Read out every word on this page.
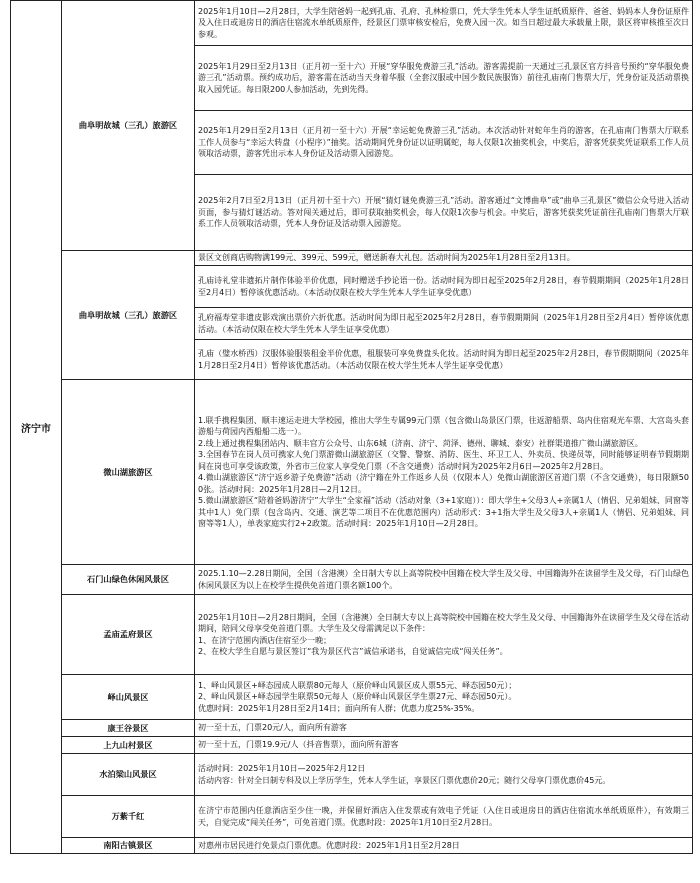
济宁市	曲阜明故城（三孔）旅游区	2025年1月10日—2月28日，大学生陪爸妈一起到孔庙、孔府、孔林检票口，凭大学生凭本人学生证纸质原件、爸爸、妈妈本人身份证原件及入住日或退房日的酒店住宿流水单纸质原件，经景区门票审核安检后，免费入园一次。如当日超过最大承载量上限，景区将审核推至次日参观。

		2025年1月29日至2月13日（正月初一至十六）开展“穿华服免费游三孔”活动。游客需提前一天通过三孔景区官方抖音号预约“穿华服免费游三孔”活动票。预约成功后，游客需在活动当天身着华服（全套汉服或中国少数民族服饰）前往孔庙南门售票大厅，凭身份证及活动票换取入园凭证。每日限200人参加活动，先到先得。

		2025年1月29日至2月13日（正月初一至十六）开展“幸运蛇免费游三孔”活动。本次活动针对蛇年生肖的游客，在孔庙南门售票大厅联系工作人员参与“幸运大转盘（小程序）”抽奖。活动期间凭身份证以证明属蛇，每人仅限1次抽奖机会，中奖后，游客凭获奖凭证联系工作人员领取活动票，游客凭出示本人身份证及活动票入园游览。

		2025年2月7日至2月13日（正月初十至十六）开展“猜灯谜免费游三孔”活动。游客通过“文博曲阜”或“曲阜三孔景区”微信公众号进入活动页面，参与猜灯谜活动。答对闯关通过后，即可获取抽奖机会，每人仅限1次参与机会。中奖后，游客凭获奖凭证前往孔庙南门售票大厅联系工作人员领取活动票，凭本人身份证及活动票入园游览。

	曲阜明故城（三孔）旅游区	景区文创商店购物满199元、399元、599元，赠送新春大礼包。活动时间为2025年1月28日至2月13日。

		孔庙诗礼堂非遗拓片制作体验半价优惠，同时赠送手抄论语一份。活动时间为即日起至2025年2月28日，春节假期期间（2025年1月28日至2月4日）暂停该优惠活动。（本活动仅限在校大学生凭本人学生证享受优惠）

		孔府福寿堂非遗皮影戏演出票价六折优惠。活动时间为即日起至2025年2月28日，春节假期期间（2025年1月28日至2月4日）暂停该优惠活动。（本活动仅限在校大学生凭本人学生证享受优惠）

		孔庙（璧水桥西）汉服体验服装租金半价优惠，租服装可享免费盘头化妆。活动时间为即日起至2025年2月28日，春节假期期间（2025年1月28日至2月4日）暂停该优惠活动。（本活动仅限在校大学生凭本人学生证享受优惠）

	微山湖旅游区	1.联手携程集团、顺丰速运走进大学校园，推出大学生专属99元门票（包含微山岛景区门票，往返游船票、岛内住宿观光车票、大宫岛头套游船与荷园内西船船二选一）。
2.线上通过携程集团站内、顺丰官方公众号、山东6城（济南、济宁、菏泽、德州、聊城、泰安）社群渠道推广微山湖旅游区。
3.全国春节在岗人员可携家人免门票游微山湖旅游区（交警、警察、消防、医生、环卫工人、外卖员、快递员等，同时能够证明春节假期期间在岗也可享受该政策，外省市三位家人享受免门票（不含交通费）活动时间为2025年2月6日—2025年2月28日。
4.微山湖旅游区“济宁返乡游子免费游”活动（济宁籍在外工作返乡人员（仅限本人）免微山湖旅游区首道门票（不含交通费），每日限额500张。活动时间：2025年1月28日—2月12日。
5.微山湖旅游区“陪着爸妈游济宁”大学生“全家福”活动（活动对象（3+1家庭））：即大学生+父母3人+亲属1人（情侣、兄弟姐妹、同窗等其中1人）免门票（包含岛内、交通、演艺等二项目不在优惠范围内）活动形式：3+1指大学生及父母3人+亲属1人（情侣、兄弟姐妹、同窗等等1人），单表家庭实行2+2政策。活动时间：2025年1月10日—2月28日。

	石门山绿色休闲风景区	2025.1.10—2.28日期间，全国（含港澳）全日制大专以上高等院校中国籍在校大学生及父母、中国籍海外在读留学生及父母，石门山绿色休闲风景区为以上在校学生提供免首道门票名额100个。

	孟庙孟府景区	2025年1月10日—2月28日期间，全国（含港澳）全日制大专以上高等院校中国籍在校大学生及父母、中国籍海外在读留学生及父母在活动期间，陪同父母享受免首道门票。大学生及父母需满足以下条件：
1、在济宁范围内酒店住宿至少一晚；
2、在校大学生自愿与景区签订“我为景区代言”诚信承诺书，自觉诚信完成“闯关任务”。

	峄山风景区	1、峄山风景区+峄态园成人联票80元每人（原价峄山风景区成人票55元、峄态园50元）；
2、峄山风景区+峄态园学生联票50元每人（原价峄山风景区学生票27元、峄态园50元）。
优惠时间：2025年1月28日至2月14日；面向所有人群；优惠力度25%-35%。

	康王谷景区	初一至十五，门票20元/人，面向所有游客

	上九山村景区	初一至十五，门票19.9元/人（抖音售票），面向所有游客

	水泊梁山风景区	活动时间：2025年1月10日—2025年2月12日
活动内容：针对全日制专科及以上学历学生，凭本人学生证，享景区门票优惠价20元；随行父母享门票优惠价45元。

	万紫千红	在济宁市范围内任意酒店至少住一晚，并保留好酒店入住发票或有效电子凭证（入住日或退房日的酒店住宿流水单纸质原件），有效期三天，自觉完成“闯关任务”，可免首道门票。优惠时段：2025年1月10日至2月28日。

	南阳古镇景区	对惠州市居民进行免景点门票优惠。优惠时段：2025年1月1日至2月28日
